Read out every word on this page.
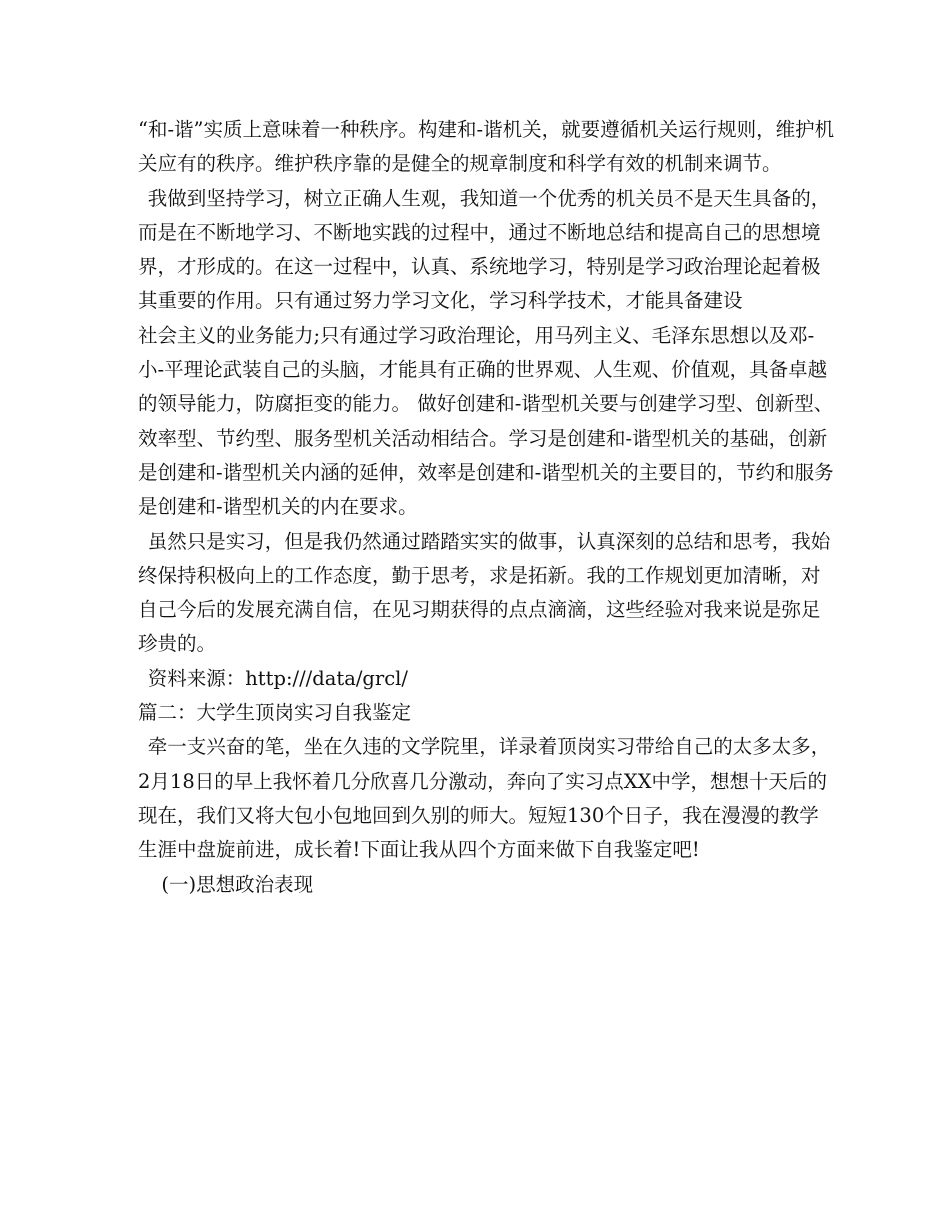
“和-谐”实质上意味着一种秩序。构建和-谐机关，就要遵循机关运行规则，维护机关应有的秩序。维护秩序靠的是健全的规章制度和科学有效的机制来调节。

我做到坚持学习，树立正确人生观，我知道一个优秀的机关员不是天生具备的，而是在不断地学习、不断地实践的过程中，通过不断地总结和提高自己的思想境界，才形成的。在这一过程中，认真、系统地学习，特别是学习政治理论起着极其重要的作用。只有通过努力学习文化，学习科学技术，才能具备建设

社会主义的业务能力;只有通过学习政治理论，用马列主义、毛泽东思想以及邓-小-平理论武装自己的头脑，才能具有正确的世界观、人生观、价值观，具备卓越的领导能力，防腐拒变的能力。 做好创建和-谐型机关要与创建学习型、创新型、效率型、节约型、服务型机关活动相结合。学习是创建和-谐型机关的基础，创新是创建和-谐型机关内涵的延伸，效率是创建和-谐型机关的主要目的，节约和服务是创建和-谐型机关的内在要求。

虽然只是实习，但是我仍然通过踏踏实实的做事，认真深刻的总结和思考，我始终保持积极向上的工作态度，勤于思考，求是拓新。我的工作规划更加清晰，对自己今后的发展充满自信，在见习期获得的点点滴滴，这些经验对我来说是弥足珍贵的。

资料来源：http:///data/grcl/

篇二：大学生顶岗实习自我鉴定

牵一支兴奋的笔，坐在久违的文学院里，详录着顶岗实习带给自己的太多太多，2月18日的早上我怀着几分欣喜几分激动，奔向了实习点XX中学，想想十天后的现在，我们又将大包小包地回到久别的师大。短短130个日子，我在漫漫的教学生涯中盘旋前进，成长着!下面让我从四个方面来做下自我鉴定吧!

(一)思想政治表现
